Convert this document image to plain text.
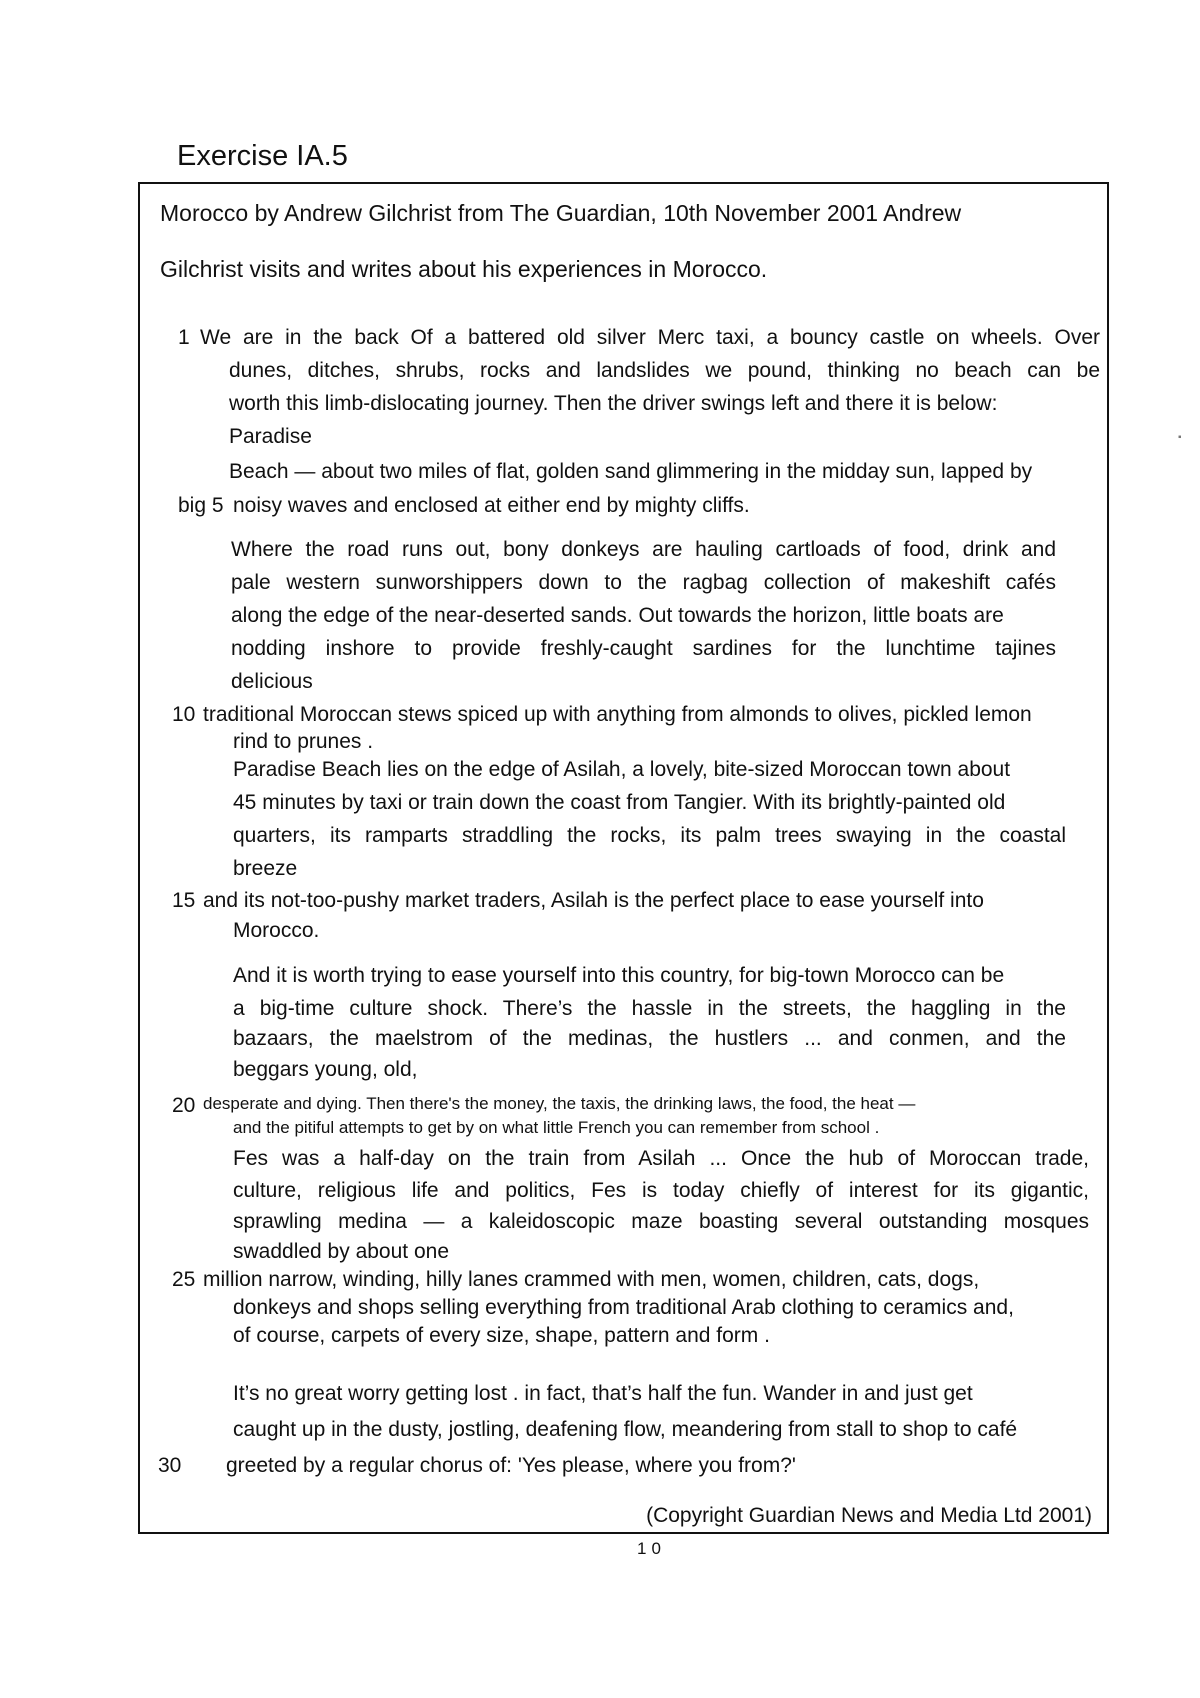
Exercise IA.5
Morocco by Andrew Gilchrist from The Guardian, 10th November 2001 Andrew
Gilchrist visits and writes about his experiences in Morocco.
1 We are in the back Of a battered old silver Merc taxi, a bouncy castle on wheels. Over
dunes, ditches, shrubs, rocks and landslides we pound, thinking no beach can be
worth this limb-dislocating journey. Then the driver swings left and there it is below:
Paradise
Beach — about two miles of flat, golden sand glimmering in the midday sun, lapped by
big 5 noisy waves and enclosed at either end by mighty cliffs.
Where the road runs out, bony donkeys are hauling cartloads of food, drink and
pale western sunworshippers down to the ragbag collection of makeshift cafés
along the edge of the near-deserted sands. Out towards the horizon, little boats are
nodding inshore to provide freshly-caught sardines for the lunchtime tajines
delicious
10 traditional Moroccan stews spiced up with anything from almonds to olives, pickled lemon
rind to prunes .
Paradise Beach lies on the edge of Asilah, a lovely, bite-sized Moroccan town about
45 minutes by taxi or train down the coast from Tangier. With its brightly-painted old
quarters, its ramparts straddling the rocks, its palm trees swaying in the coastal
breeze
15 and its not-too-pushy market traders, Asilah is the perfect place to ease yourself into
Morocco.
And it is worth trying to ease yourself into this country, for big-town Morocco can be
a big-time culture shock. There’s the hassle in the streets, the haggling in the
bazaars, the maelstrom of the medinas, the hustlers ... and conmen, and the
beggars young, old,
20 desperate and dying. Then there's the money, the taxis, the drinking laws, the food, the heat —
and the pitiful attempts to get by on what little French you can remember from school .
Fes was a half-day on the train from Asilah ... Once the hub of Moroccan trade,
culture, religious life and politics, Fes is today chiefly of interest for its gigantic,
sprawling medina — a kaleidoscopic maze boasting several outstanding mosques
swaddled by about one
25 million narrow, winding, hilly lanes crammed with men, women, children, cats, dogs,
donkeys and shops selling everything from traditional Arab clothing to ceramics and,
of course, carpets of every size, shape, pattern and form .
It’s no great worry getting lost . in fact, that’s half the fun. Wander in and just get
caught up in the dusty, jostling, deafening flow, meandering from stall to shop to café
30 greeted by a regular chorus of: 'Yes please, where you from?'
(Copyright Guardian News and Media Ltd 2001)
10
▪
